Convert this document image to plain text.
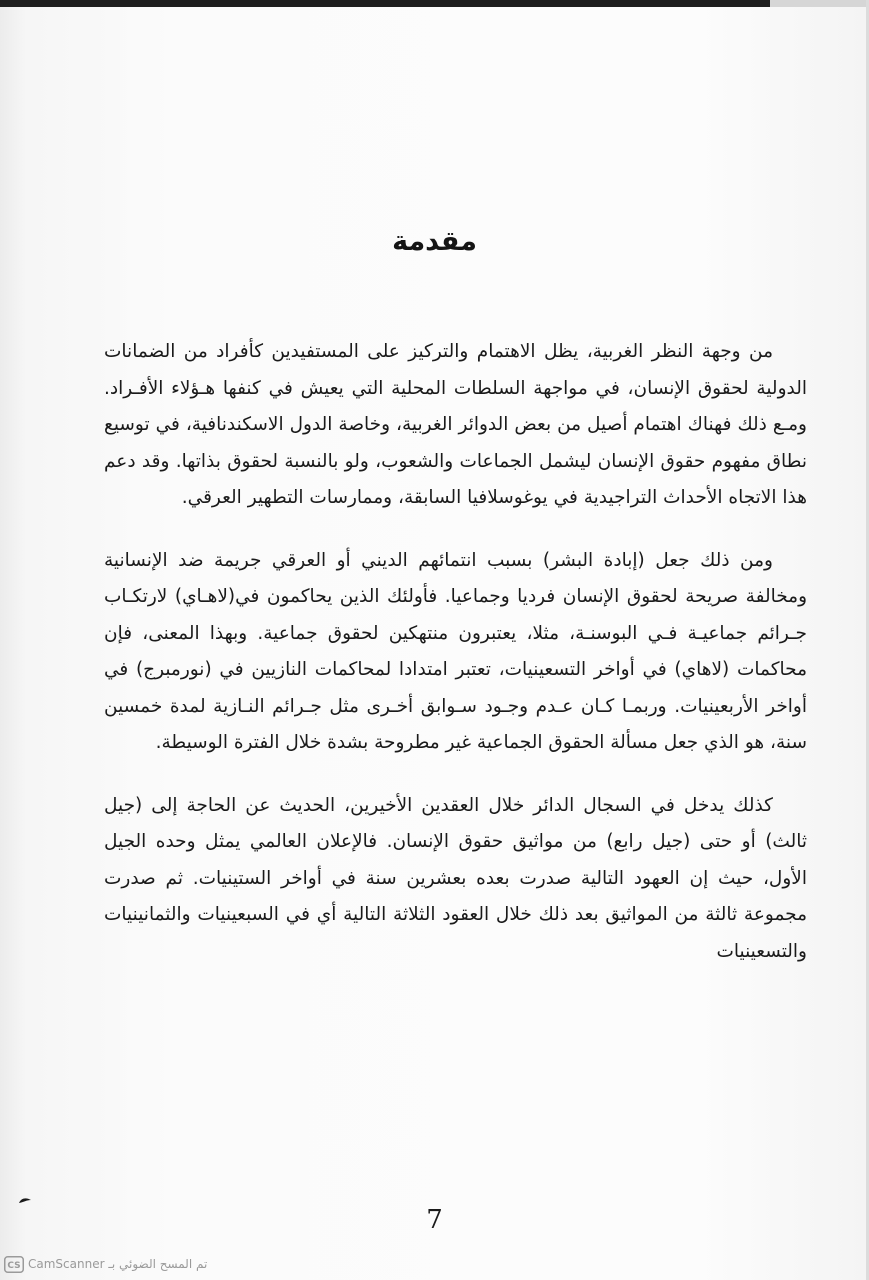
مقدمة

من وجهة النظر الغربية، يظل الاهتمام والتركيز على المستفيدين كأفراد من الضمانات الدولية لحقوق الإنسان، في مواجهة السلطات المحلية التي يعيش في كنفها هـؤلاء الأفـراد. ومـع ذلك فهناك اهتمام أصيل من بعض الدوائر الغربية، وخاصة الدول الاسكندنافية، في توسيع نطاق مفهوم حقوق الإنسان ليشمل الجماعات والشعوب، ولو بالنسبة لحقوق بذاتها. وقد دعم هذا الاتجاه الأحداث التراجيدية في يوغوسلافيا السابقة، وممارسات التطهير العرقي.

ومن ذلك جعل (إبادة البشر) بسبب انتمائهم الديني أو العرقي جريمة ضد الإنسانية ومخالفة صريحة لحقوق الإنسان فرديا وجماعيا. فأولئك الذين يحاكمون في(لاهـاي) لارتكـاب جـرائم جماعيـة فـي البوسنـة، مثلا، يعتبرون منتهكين لحقوق جماعية. وبهذا المعنى، فإن محاكمات (لاهاي) في أواخر التسعينيات، تعتبر امتدادا لمحاكمات النازيين في (نورمبرج) في أواخر الأربعينيات. وربمـا كـان عـدم وجـود سـوابق أخـرى مثل جـرائم النـازية لمدة خمسين سنة، هو الذي جعل مسألة الحقوق الجماعية غير مطروحة بشدة خلال الفترة الوسيطة.

كذلك يدخل في السجال الدائر خلال العقدين الأخيرين، الحديث عن الحاجة إلى (جيل ثالث) أو حتى (جيل رابع) من مواثيق حقوق الإنسان. فالإعلان العالمي يمثل وحده الجيل الأول، حيث إن العهود التالية صدرت بعده بعشرين سنة في أواخر الستينيات. ثم صدرت مجموعة ثالثة من المواثيق بعد ذلك خلال العقود الثلاثة التالية أي في السبعينيات والثمانينيات والتسعينيات

7
CS تم المسح الضوئي بـ CamScanner
